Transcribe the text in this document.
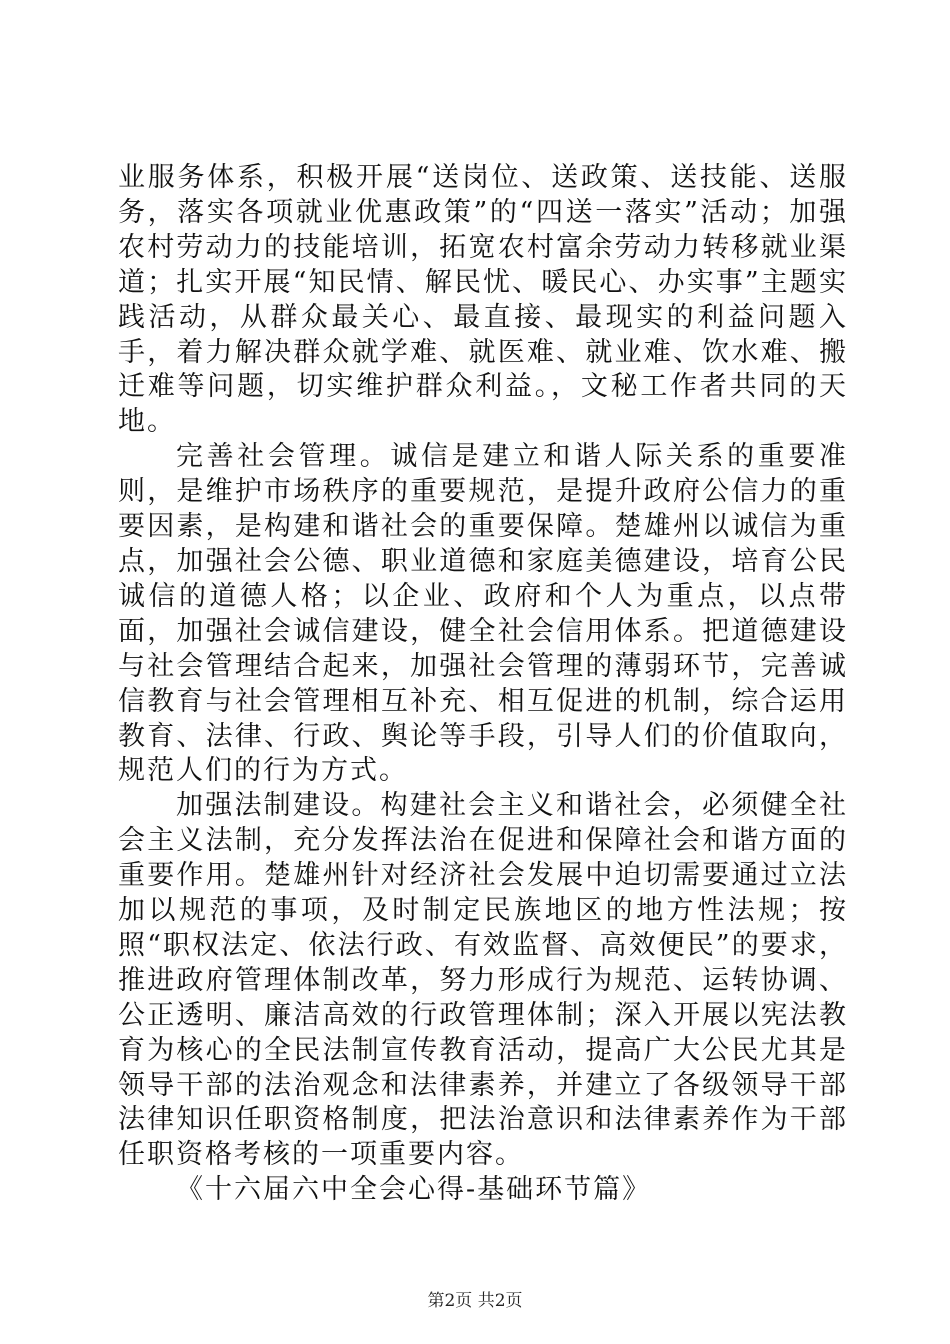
业服务体系，积极开展“送岗位、送政策、送技能、送服务，落实各项就业优惠政策”的“四送一落实”活动；加强农村劳动力的技能培训，拓宽农村富余劳动力转移就业渠道；扎实开展“知民情、解民忧、暖民心、办实事”主题实践活动，从群众最关心、最直接、最现实的利益问题入手，着力解决群众就学难、就医难、就业难、饮水难、搬迁难等问题，切实维护群众利益。，文秘工作者共同的天地。

完善社会管理。诚信是建立和谐人际关系的重要准则，是维护市场秩序的重要规范，是提升政府公信力的重要因素，是构建和谐社会的重要保障。楚雄州以诚信为重点，加强社会公德、职业道德和家庭美德建设，培育公民诚信的道德人格；以企业、政府和个人为重点，以点带面，加强社会诚信建设，健全社会信用体系。把道德建设与社会管理结合起来，加强社会管理的薄弱环节，完善诚信教育与社会管理相互补充、相互促进的机制，综合运用教育、法律、行政、舆论等手段，引导人们的价值取向，规范人们的行为方式。

加强法制建设。构建社会主义和谐社会，必须健全社会主义法制，充分发挥法治在促进和保障社会和谐方面的重要作用。楚雄州针对经济社会发展中迫切需要通过立法加以规范的事项，及时制定民族地区的地方性法规；按照“职权法定、依法行政、有效监督、高效便民”的要求，推进政府管理体制改革，努力形成行为规范、运转协调、公正透明、廉洁高效的行政管理体制；深入开展以宪法教育为核心的全民法制宣传教育活动，提高广大公民尤其是领导干部的法治观念和法律素养，并建立了各级领导干部法律知识任职资格制度，把法治意识和法律素养作为干部任职资格考核的一项重要内容。

《十六届六中全会心得-基础环节篇》

第2页 共2页
